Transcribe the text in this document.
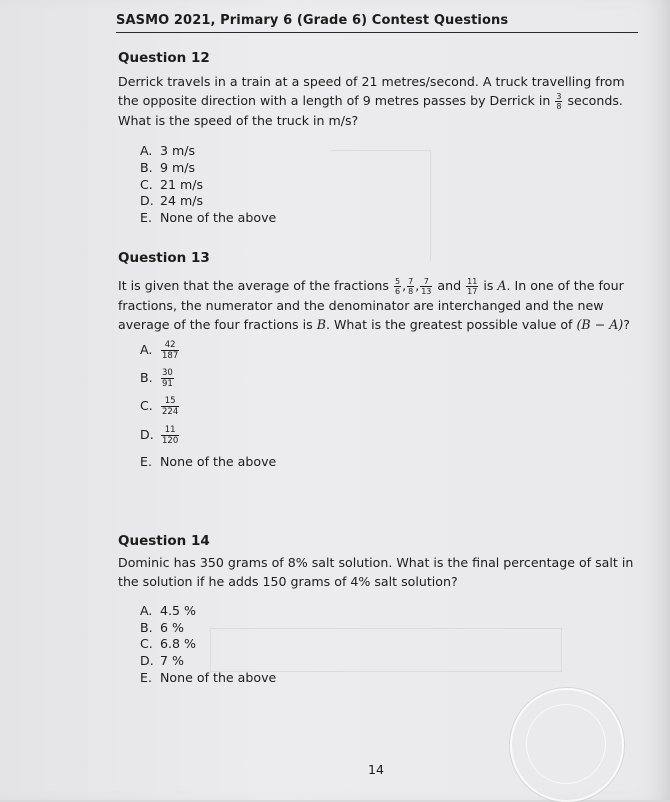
SASMO 2021, Primary 6 (Grade 6) Contest Questions
Question 12
Derrick travels in a train at a speed of 21 metres/second. A truck travelling from the opposite direction with a length of 9 metres passes by Derrick in $\frac{3}{8}$ seconds. What is the speed of the truck in m/s?
A. 3 m/s
B. 9 m/s
C. 21 m/s
D. 24 m/s
E. None of the above
Question 13
It is given that the average of the fractions $\frac{5}{6}$ , $\frac{7}{8}$ , $\frac{7}{13}$ and $\frac{11}{17}$ is A. In one of the four fractions, the numerator and the denominator are interchanged and the new average of the four fractions is B. What is the greatest possible value of (B − A)?
A. $\frac{42}{187}$
B. $\frac{30}{91}$
C. $\frac{15}{224}$
D. $\frac{11}{120}$
E. None of the above
Question 14
Dominic has 350 grams of 8% salt solution. What is the final percentage of salt in the solution if he adds 150 grams of 4% salt solution?
A. 4.5 %
B. 6 %
C. 6.8 %
D. 7 %
E. None of the above
14
